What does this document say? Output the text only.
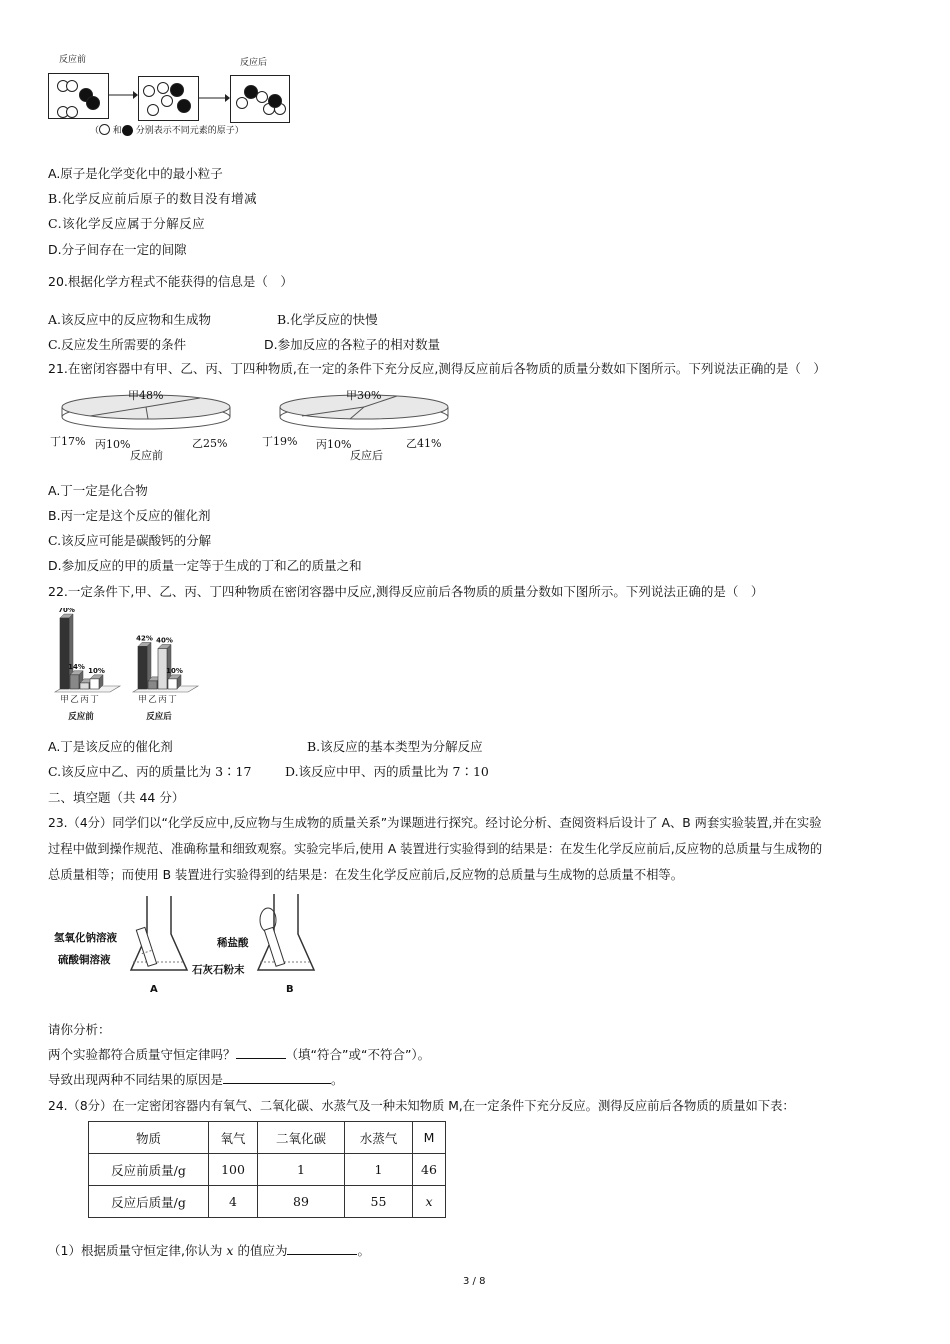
反应前	反应后
（ 和 分别表示不同元素的原子）
A.原子是化学变化中的最小粒子
B.化学反应前后原子的数目没有增减
C.该化学反应属于分解反应
D.分子间存在一定的间隙
20.根据化学方程式不能获得的信息是（　）
A.该反应中的反应物和生成物	B.化学反应的快慢
C.反应发生所需要的条件	D.参加反应的各粒子的相对数量
21.在密闭容器中有甲、乙、丙、丁四种物质,在一定的条件下充分反应,测得反应前后各物质的质量分数如下图所示。下列说法正确的是（　）
甲48%
丁17% 丙10%	乙25%
反应前
甲30%
丁19% 丙10%	乙41%
反应后
A.丁一定是化合物
B.丙一定是这个反应的催化剂
C.该反应可能是碳酸钙的分解
D.参加反应的甲的质量一定等于生成的丁和乙的质量之和
22.一定条件下,甲、乙、丙、丁四种物质在密闭容器中反应,测得反应前后各物质的质量分数如下图所示。下列说法正确的是（　）
70%
甲
14%
乙 丙
10%
丁
反应前
42%
甲 乙
40%
丙
10%
丁
反应后
A.丁是该反应的催化剂	B.该反应的基本类型为分解反应
C.该反应中乙、丙的质量比为 3∶17	D.该反应中甲、丙的质量比为 7∶10
二、填空题（共 44 分）
23.（4分）同学们以“化学反应中,反应物与生成物的质量关系”为课题进行探究。经讨论分析、查阅资料后设计了 A、B 两套实验装置,并在实验
过程中做到操作规范、准确称量和细致观察。实验完毕后,使用 A 装置进行实验得到的结果是：在发生化学反应前后,反应物的总质量与生成物的
总质量相等；而使用 B 装置进行实验得到的结果是：在发生化学反应前后,反应物的总质量与生成物的总质量不相等。
氢氧化钠溶液
硫酸铜溶液
A
稀盐酸
石灰石粉末
B
请你分析：
两个实验都符合质量守恒定律吗？	（填“符合”或“不符合”）。
导致出现两种不同结果的原因是	。
24.（8分）在一定密闭容器内有氧气、二氧化碳、水蒸气及一种未知物质 M,在一定条件下充分反应。测得反应前后各物质的质量如下表：
物质	氧气	二氧化碳	水蒸气	M
反应前质量/g	100	1	1	46
反应后质量/g	4	89	55	x
（1）根据质量守恒定律,你认为 x 的值应为	。
3 / 8
